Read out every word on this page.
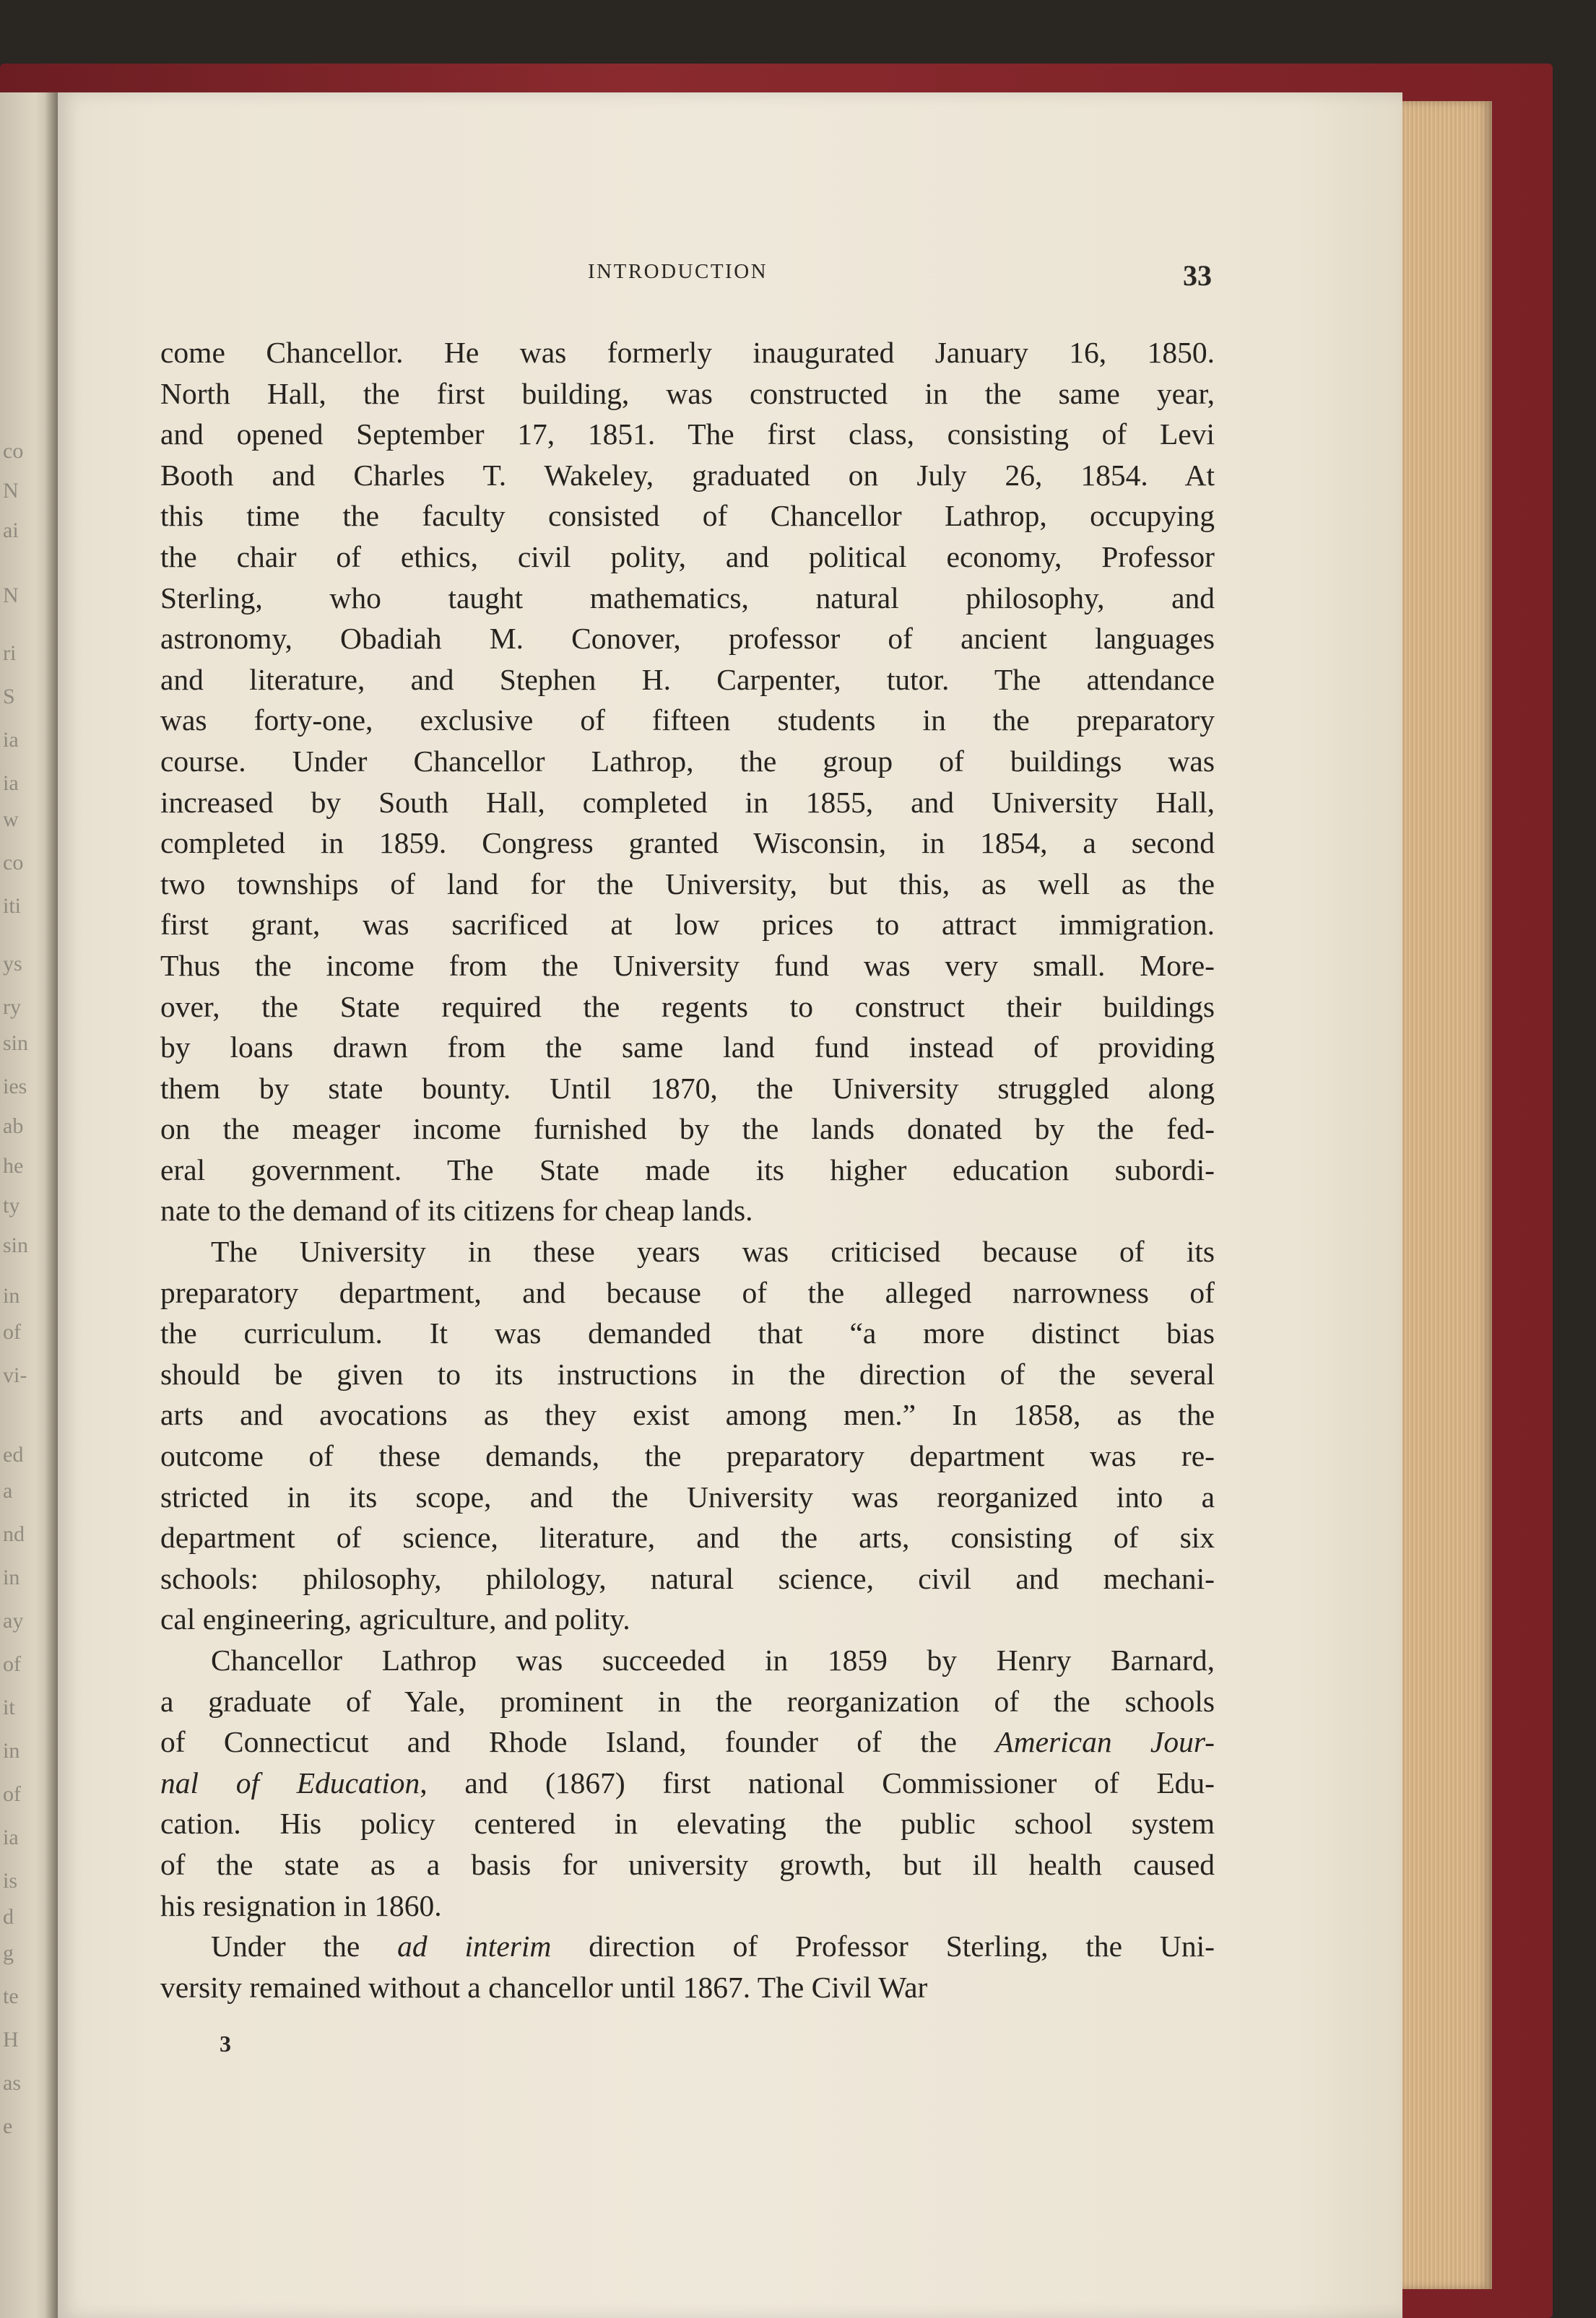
co
N
ai
N
ri
S
ia
ia
w
co
iti
ys
ry
sin
ies
ab
he
ty
sin
in
of
vi-
ed
a
nd
in
ay
of
it
in
of
ia
is
d
g
te
H
as
e
INTRODUCTION	33
come Chancellor. He was formerly inaugurated January 16, 1850.
North Hall, the first building, was constructed in the same year,
and opened September 17, 1851. The first class, consisting of Levi
Booth and Charles T. Wakeley, graduated on July 26, 1854. At
this time the faculty consisted of Chancellor Lathrop, occupying
the chair of ethics, civil polity, and political economy, Professor
Sterling, who taught mathematics, natural philosophy, and
astronomy, Obadiah M. Conover, professor of ancient languages
and literature, and Stephen H. Carpenter, tutor. The attendance
was forty-one, exclusive of fifteen students in the preparatory
course. Under Chancellor Lathrop, the group of buildings was
increased by South Hall, completed in 1855, and University Hall,
completed in 1859. Congress granted Wisconsin, in 1854, a second
two townships of land for the University, but this, as well as the
first grant, was sacrificed at low prices to attract immigration.
Thus the income from the University fund was very small. More-
over, the State required the regents to construct their buildings
by loans drawn from the same land fund instead of providing
them by state bounty. Until 1870, the University struggled along
on the meager income furnished by the lands donated by the fed-
eral government. The State made its higher education subordi-
nate to the demand of its citizens for cheap lands.
The University in these years was criticised because of its
preparatory department, and because of the alleged narrowness of
the curriculum. It was demanded that “a more distinct bias
should be given to its instructions in the direction of the several
arts and avocations as they exist among men.” In 1858, as the
outcome of these demands, the preparatory department was re-
stricted in its scope, and the University was reorganized into a
department of science, literature, and the arts, consisting of six
schools: philosophy, philology, natural science, civil and mechani-
cal engineering, agriculture, and polity.
Chancellor Lathrop was succeeded in 1859 by Henry Barnard,
a graduate of Yale, prominent in the reorganization of the schools
of Connecticut and Rhode Island, founder of the American Jour-
nal of Education, and (1867) first national Commissioner of Edu-
cation. His policy centered in elevating the public school system
of the state as a basis for university growth, but ill health caused
his resignation in 1860.
Under the ad interim direction of Professor Sterling, the Uni-
versity remained without a chancellor until 1867. The Civil War
3
